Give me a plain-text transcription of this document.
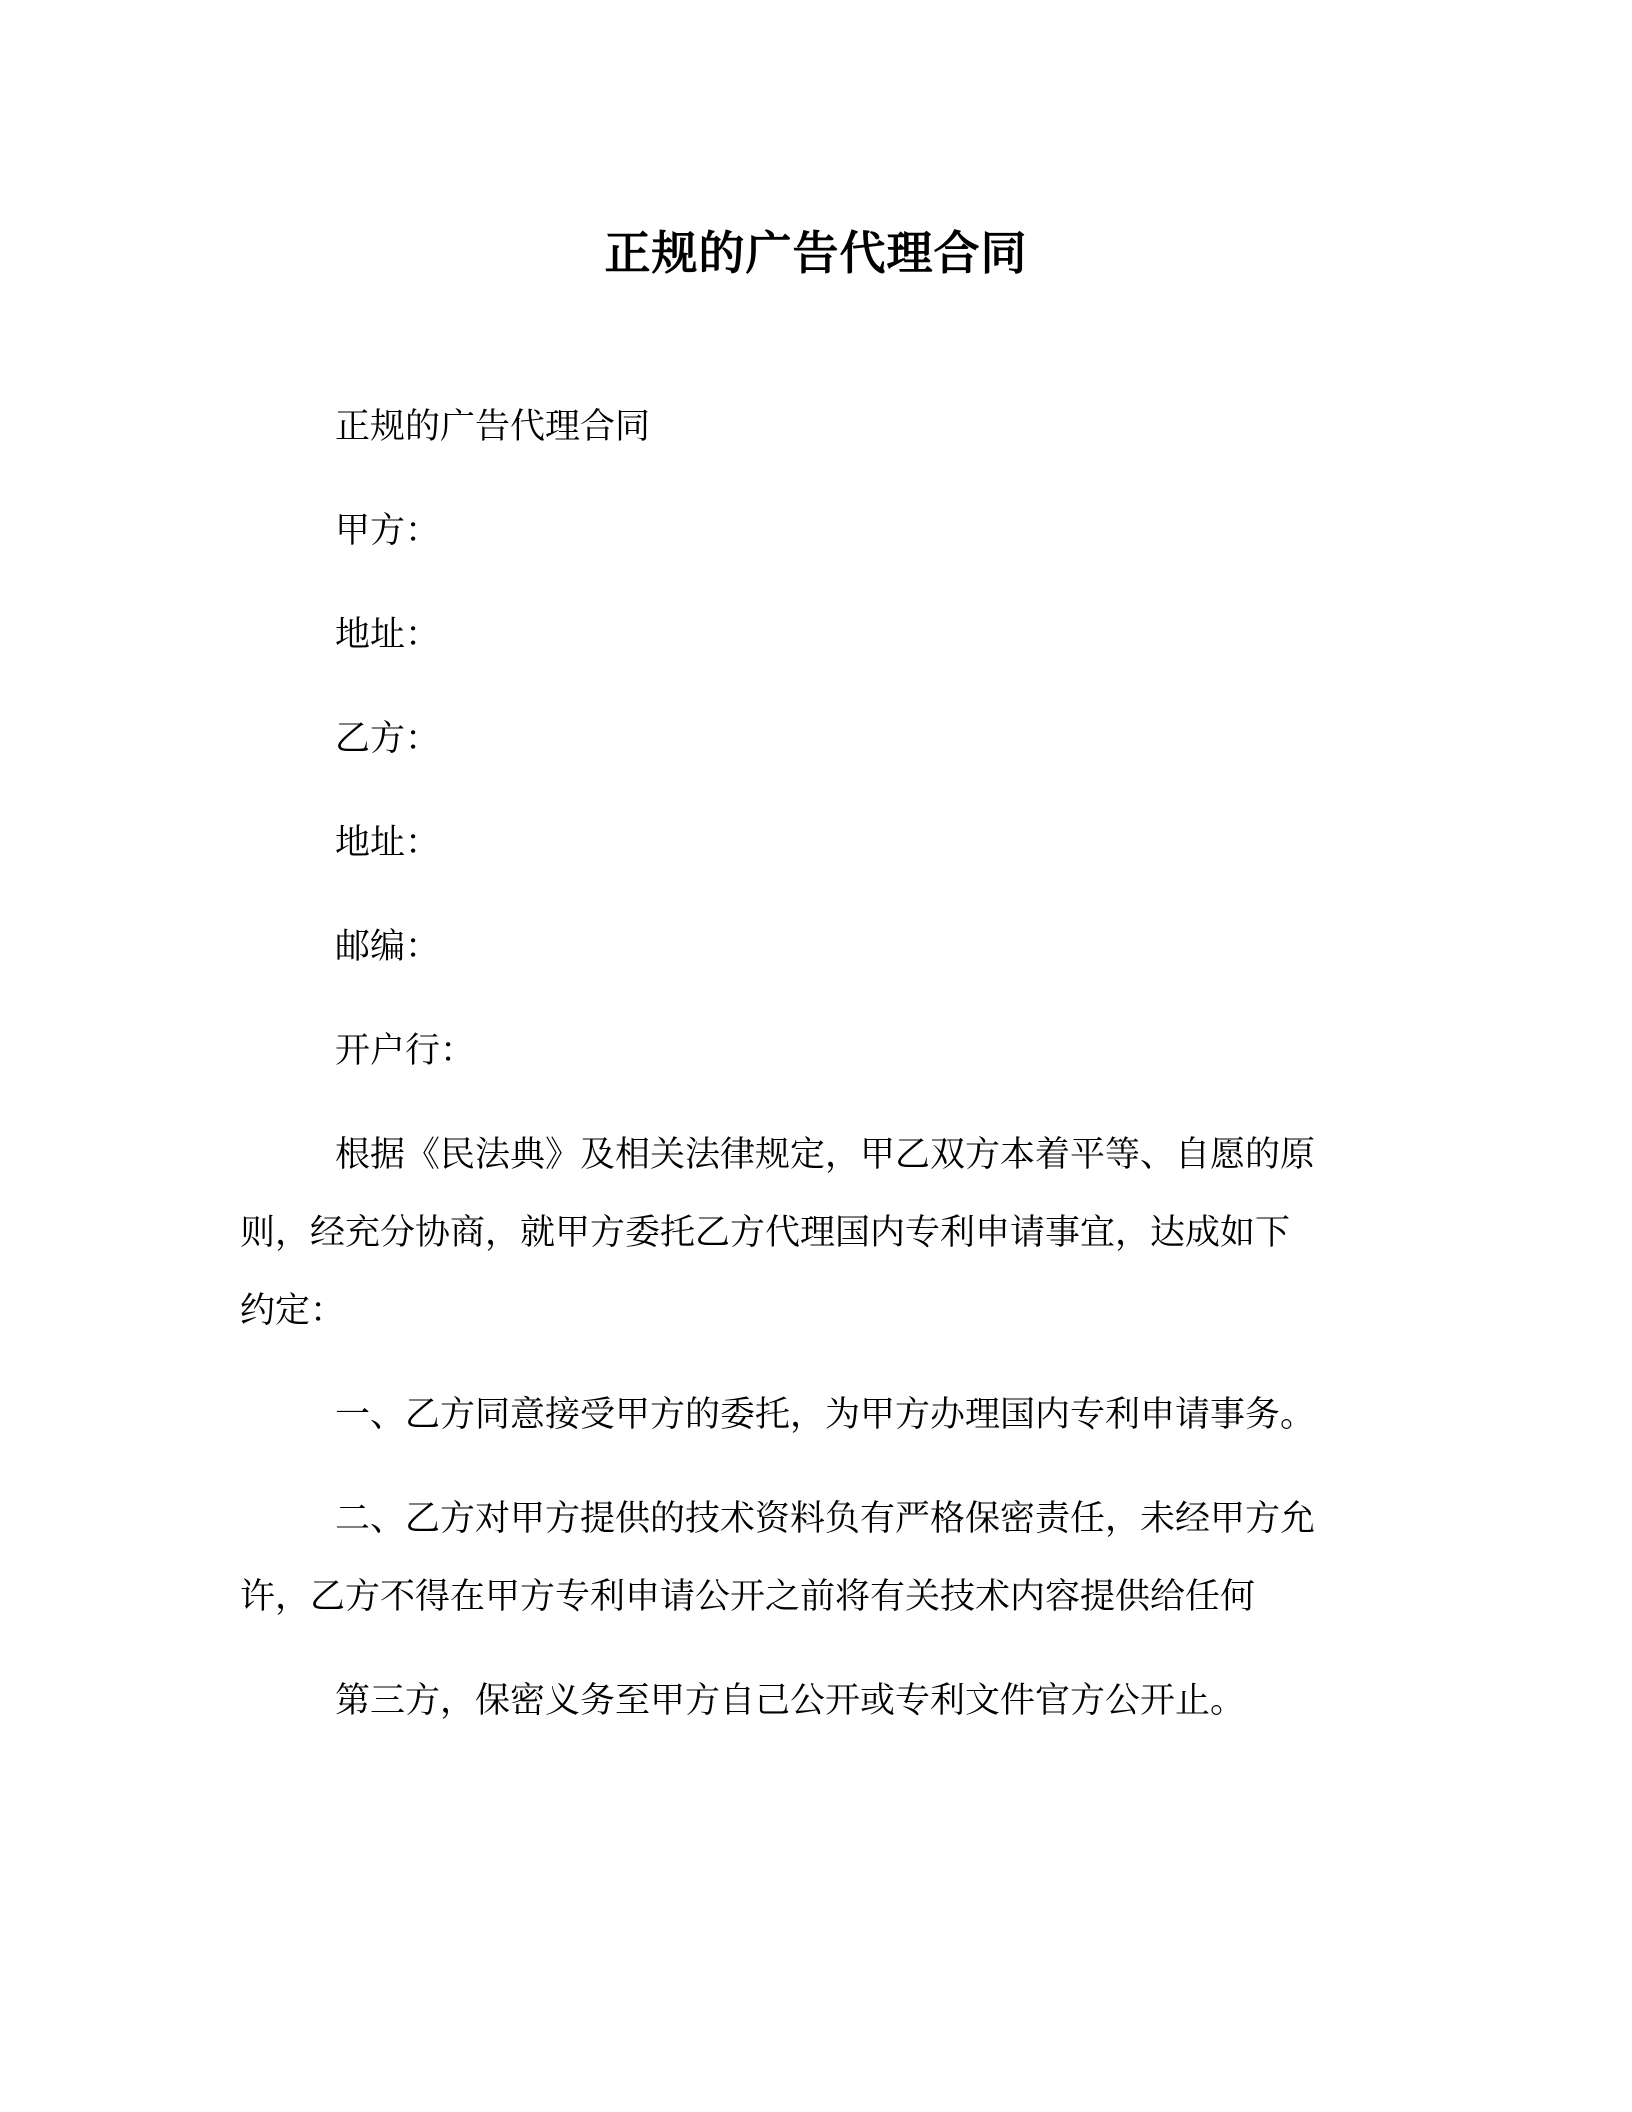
正规的广告代理合同
正规的广告代理合同
甲方：
地址：
乙方：
地址：
邮编：
开户行：
根据《民法典》及相关法律规定，甲乙双方本着平等、自愿的原
则，经充分协商，就甲方委托乙方代理国内专利申请事宜，达成如下
约定：
一、乙方同意接受甲方的委托，为甲方办理国内专利申请事务。
二、乙方对甲方提供的技术资料负有严格保密责任，未经甲方允
许，乙方不得在甲方专利申请公开之前将有关技术内容提供给任何
第三方，保密义务至甲方自己公开或专利文件官方公开止。
